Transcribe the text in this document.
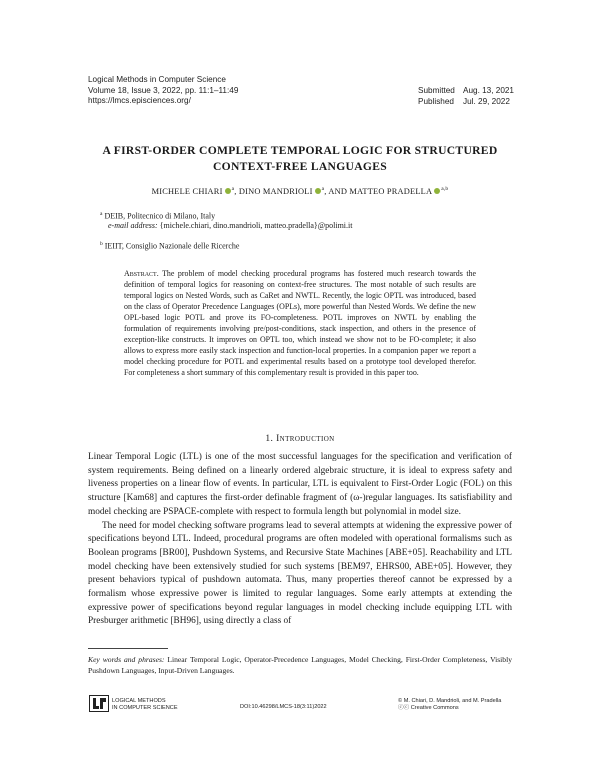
Logical Methods in Computer Science
Volume 18, Issue 3, 2022, pp. 11:1–11:49
https://lmcs.episciences.org/
Submitted Aug. 13, 2021
Published Jul. 29, 2022
A FIRST-ORDER COMPLETE TEMPORAL LOGIC FOR STRUCTURED
CONTEXT-FREE LANGUAGES
MICHELE CHIARI $^a$, DINO MANDRIOLI $^a$, AND MATTEO PRADELLA $^{a,b}$
$^a$ DEIB, Politecnico di Milano, Italy
e-mail address: {michele.chiari, dino.mandrioli, matteo.pradella}@polimi.it
$^b$ IEIIT, Consiglio Nazionale delle Ricerche
Abstract. The problem of model checking procedural programs has fostered much research towards the definition of temporal logics for reasoning on context-free structures. The most notable of such results are temporal logics on Nested Words, such as CaRet and NWTL. Recently, the logic OPTL was introduced, based on the class of Operator Precedence Languages (OPLs), more powerful than Nested Words. We define the new OPL-based logic POTL and prove its FO-completeness. POTL improves on NWTL by enabling the formulation of requirements involving pre/post-conditions, stack inspection, and others in the presence of exception-like constructs. It improves on OPTL too, which instead we show not to be FO-complete; it also allows to express more easily stack inspection and function-local properties. In a companion paper we report a model checking procedure for POTL and experimental results based on a prototype tool developed therefor. For completeness a short summary of this complementary result is provided in this paper too.
1. Introduction

Linear Temporal Logic (LTL) is one of the most successful languages for the specification and verification of system requirements. Being defined on a linearly ordered algebraic structure, it is ideal to express safety and liveness properties on a linear flow of events. In particular, LTL is equivalent to First-Order Logic (FOL) on this structure [Kam68] and captures the first-order definable fragment of (ω-)regular languages. Its satisfiability and model checking are PSPACE-complete with respect to formula length but polynomial in model size.

The need for model checking software programs lead to several attempts at widening the expressive power of specifications beyond LTL. Indeed, procedural programs are often modeled with operational formalisms such as Boolean programs [BR00], Pushdown Systems, and Recursive State Machines [ABE+05]. Reachability and LTL model checking have been extensively studied for such systems [BEM97, EHRS00, ABE+05]. However, they present behaviors typical of pushdown automata. Thus, many properties thereof cannot be expressed by a formalism whose expressive power is limited to regular languages. Some early attempts at extending the expressive power of specifications beyond regular languages in model checking include equipping LTL with Presburger arithmetic [BH96], using directly a class of

Key words and phrases: Linear Temporal Logic, Operator-Precedence Languages, Model Checking, First-Order Completeness, Visibly Pushdown Languages, Input-Driven Languages.
LOGICAL METHODS
IN COMPUTER SCIENCE	DOI:10.46298/LMCS-18(3:11)2022
© M. Chiari, D. Mandrioli, and M. Pradella
ⓒⓒ Creative Commons
